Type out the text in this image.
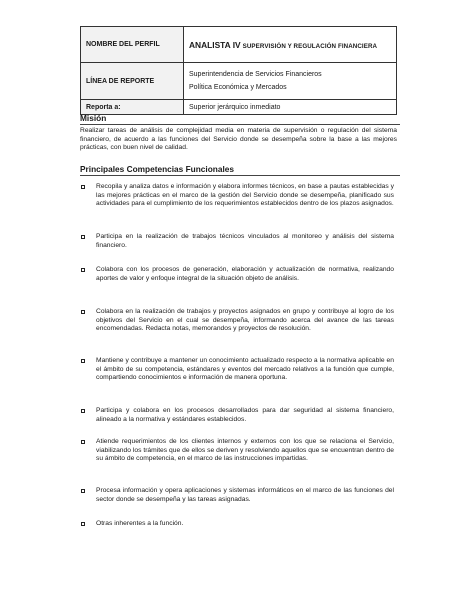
NOMBRE DEL PERFIL	ANALISTA IV SUPERVISIÓN Y REGULACIÓN FINANCIERA
LÍNEA DE REPORTE	Superintendencia de Servicios Financieros
Política Económica y Mercados

Reporta a:	Superior jerárquico inmediato
Misión

Realizar tareas de análisis de complejidad media en materia de supervisión o regulación del sistema financiero, de acuerdo a las funciones del Servicio donde se desempeña sobre la base a las mejores prácticas, con buen nivel de calidad.

Principales Competencias Funcionales
Recopila y analiza datos e información y elabora informes técnicos, en base a pautas establecidas y las mejores prácticas en el marco de la gestión del Servicio donde se desempeña, planificado sus actividades para el cumplimiento de los requerimientos establecidos dentro de los plazos asignados.
Participa en la realización de trabajos técnicos vinculados al monitoreo y análisis del sistema financiero.
Colabora con los procesos de generación, elaboración y actualización de normativa, realizando aportes de valor y enfoque integral de la situación objeto de análisis.
Colabora en la realización de trabajos y proyectos asignados en grupo y contribuye al logro de los objetivos del Servicio en el cual se desempeña, informando acerca del avance de las tareas encomendadas. Redacta notas, memorandos y proyectos de resolución.
Mantiene y contribuye a mantener un conocimiento actualizado respecto a la normativa aplicable en el ámbito de su competencia, estándares y eventos del mercado relativos a la función que cumple, compartiendo conocimientos e información de manera oportuna.
Participa y colabora en los procesos desarrollados para dar seguridad al sistema financiero, alineado a la normativa y estándares establecidos.
Atiende requerimientos de los clientes internos y externos con los que se relaciona el Servicio, viabilizando los trámites que de ellos se deriven y resolviendo aquellos que se encuentran dentro de su ámbito de competencia, en el marco de las instrucciones impartidas.
Procesa información y opera aplicaciones y sistemas informáticos en el marco de las funciones del sector donde se desempeña y las tareas asignadas.
Otras inherentes a la función.
